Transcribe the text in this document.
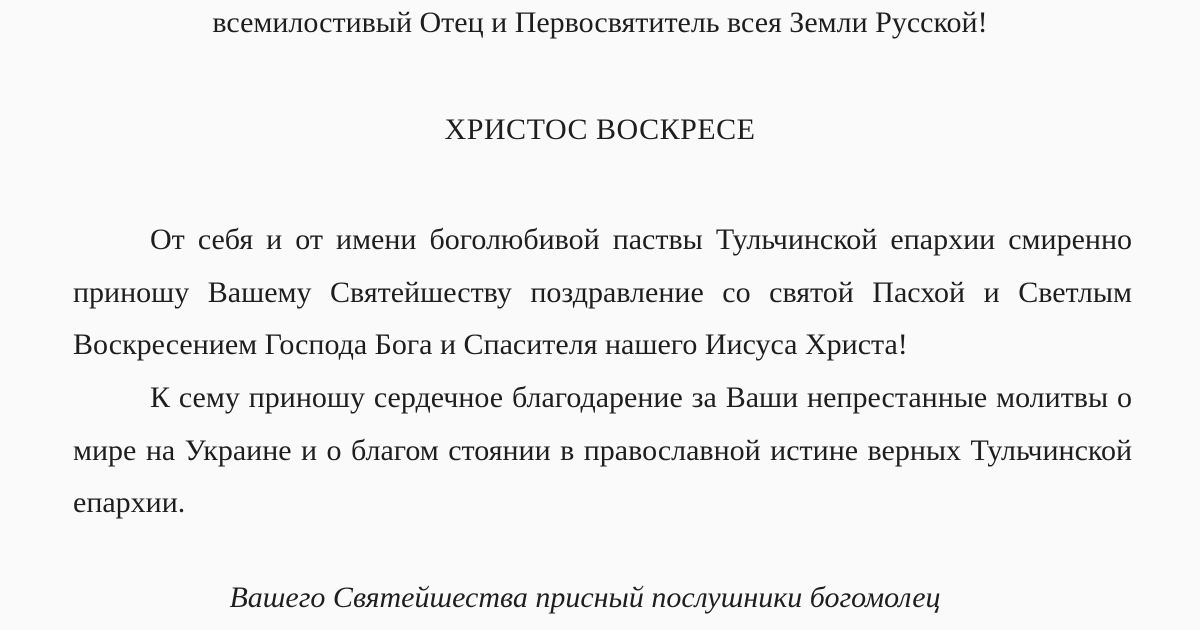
всемилостивый Отец и Первосвятитель всея Земли Русской!
ХРИСТОС ВОСКРЕСЕ
От себя и от имени боголюбивой паствы Тульчинской епархии смиренно приношу Вашему Святейшеству поздравление со святой Пасхой и Светлым Воскресением Господа Бога и Спасителя нашего Иисуса Христа!
К сему приношу сердечное благодарение за Ваши непрестанные молитвы о мире на Украине и о благом стоянии в православной истине верных Тульчинской епархии.
Вашего Святейшества присный послушники богомолец
